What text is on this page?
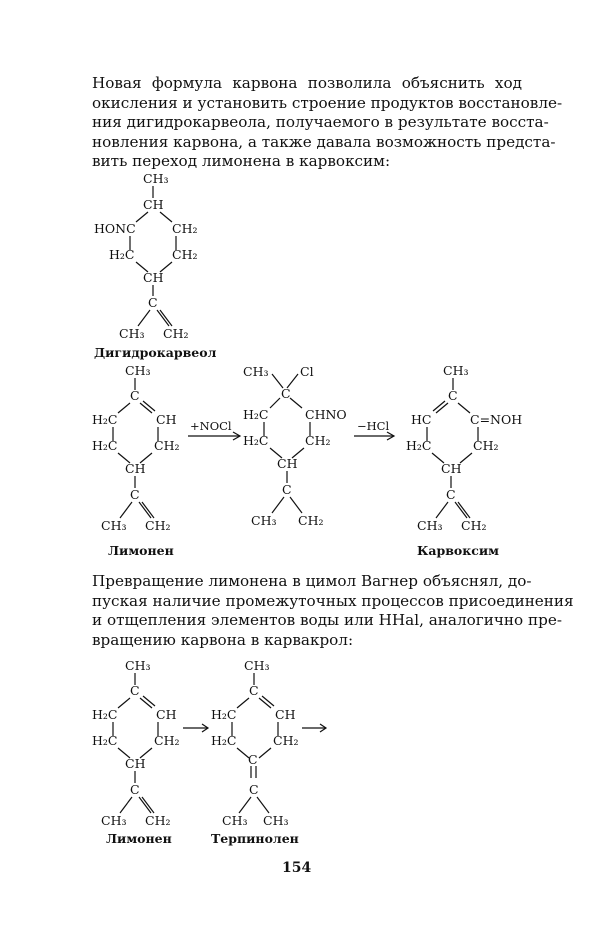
Новая формула карвона позволила объяснить ход
окисления и установить строение продуктов восстановле-
ния дигидрокарвеола, получаемого в результате восста-
новления карвона, а также давала возможность предста-
вить переход лимонена в карвоксим:
Превращение лимонена в цимол Вагнер объяснял, до-
пуская наличие промежуточных процессов присоединения
и отщепления элементов воды или HHal, аналогично пре-
вращению карвона в карвакрол:
CH₃
CH
HONC	CH₂
H₂C	CH₂
CH
C
CH₃ CH₂
Дигидрокарвеол
CH₃
C
H₂C	CH
H₂C	CH₂
CH
C
CH₃ CH₂
Лимонен
+NOCl
CH₃	Cl
C
H₂C	CHNO
H₂C	CH₂
CH
C
CH₃ CH₂
−HCl
CH₃
C
HC	C=NOH
H₂C	CH₂
CH
C
CH₃ CH₂
Карвоксим
CH₃
C
H₂C	CH
H₂C	CH₂
CH
C
CH₃ CH₂
Лимонен
CH₃
C
H₂C	CH
H₂C	CH₂
C
C
CH₃ CH₃
Терпинолен
154
